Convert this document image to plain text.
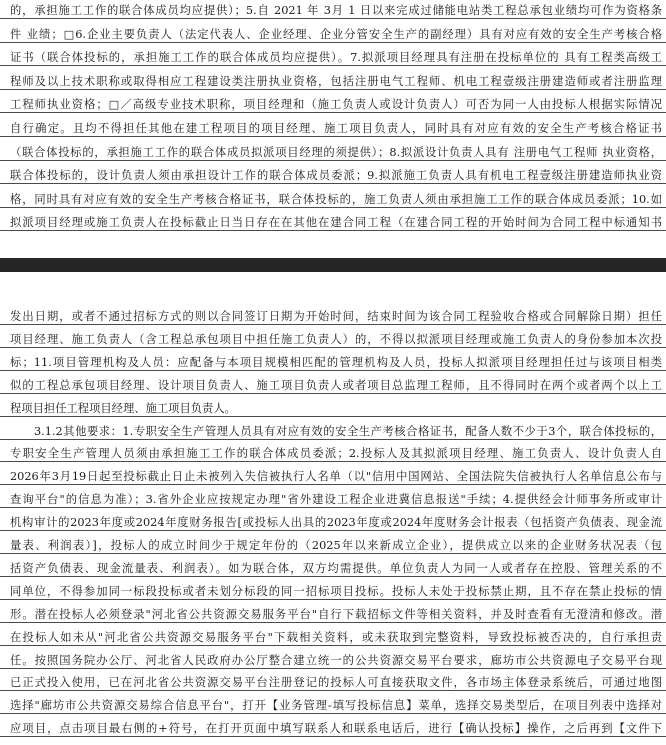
的，承担施工工作的联合体成员均应提供）；5.自 2021 年 3月 1 日以来完成过储能电站类工程总承包业绩均可作为资格条
件 业绩；□6.企业主要负责人（法定代表人、企业经理、企业分管安全生产的副经理）具有对应有效的安全生产考核合格
证书（联合体投标的，承担施工工作的联合体成员均应提供）。7.拟派项目经理具有注册在投标单位的 具有工程类高级工
程师及以上技术职称或取得相应工程建设类注册执业资格，包括注册电气工程师、机电工程壹级注册建造师或者注册监理
工程师执业资格；□／高级专业技术职称，项目经理和（施工负责人或设计负责人）可否为同一人由投标人根据实际情况
自行确定。且均不得担任其他在建工程项目的项目经理、施工项目负责人，同时具有对应有效的安全生产考核合格证书
（联合体投标的，承担施工工作的联合体成员拟派项目经理的须提供）；8.拟派设计负责人具有 注册电气工程师 执业资格，
联合体投标的，设计负责人须由承担设计工作的联合体成员委派；9.拟派施工负责人具有机电工程壹级注册建造师执业资
格，同时具有对应有效的安全生产考核合格证书，联合体投标的，施工负责人须由承担施工工作的联合体成员委派；10.如
拟派项目经理或施工负责人在投标截止日当日存在在其他在建合同工程（在建合同工程的开始时间为合同工程中标通知书
发出日期，或者不通过招标方式的则以合同签订日期为开始时间，结束时间为该合同工程验收合格或合同解除日期）担任
项目经理、施工负责人（含工程总承包项目中担任施工负责人）的，不得以拟派项目经理或施工负责人的身份参加本次投
标；11.项目管理机构及人员：应配备与本项目规模相匹配的管理机构及人员，投标人拟派项目经理担任过与该项目相类
似的工程总承包项目经理、设计项目负责人、施工项目负责人或者项目总监理工程师，且不得同时在两个或者两个以上工
程项目担任工程项目经理、施工项目负责人。
3.1.2其他要求：1.专职安全生产管理人员具有对应有效的安全生产考核合格证书，配备人数不少于3个，联合体投标的，
专职安全生产管理人员须由承担施工工作的联合体成员委派；2.投标人及其拟派项目经理、施工负责人、设计负责人自
2026年3月19日起至投标截止日止未被列入失信被执行人名单（以"信用中国网站、全国法院失信被执行人名单信息公布与
查询平台"的信息为准）；3.省外企业应按规定办理"省外建设工程企业进冀信息报送"手续；4.提供经会计师事务所或审计
机构审计的2023年度或2024年度财务报告[或投标人出具的2023年度或2024年度财务会计报表（包括资产负债表、现金流
量表、利润表）]，投标人的成立时间少于规定年份的（2025年以来新成立企业），提供成立以来的企业财务状况表（包
括资产负债表、现金流量表、利润表）。如为联合体，双方均需提供。单位负责人为同一人或者存在控股、管理关系的不
同单位，不得参加同一标段投标或者未划分标段的同一招标项目投标。投标人未处于投标禁止期，且不存在禁止投标的情
形。潜在投标人必须登录"河北省公共资源交易服务平台"自行下载招标文件等相关资料，并及时查看有无澄清和修改。潜
在投标人如未从"河北省公共资源交易服务平台"下载相关资料，或未获取到完整资料，导致投标被否决的，自行承担责
任。按照国务院办公厅、河北省人民政府办公厅整合建立统一的公共资源交易平台要求，廊坊市公共资源电子交易平台现
已正式投入使用，已在河北省公共资源交易平台注册登记的投标人可直接获取文件，各市场主体登录系统后，可通过地图
选择"廊坊市公共资源交易综合信息平台"，打开【业务管理-填写投标信息】菜单，选择交易类型后，在项目列表中选择对
应项目，点击项目最右侧的+符号，在打开页面中填写联系人和联系电话后，进行【确认投标】操作，之后再到【文件下
